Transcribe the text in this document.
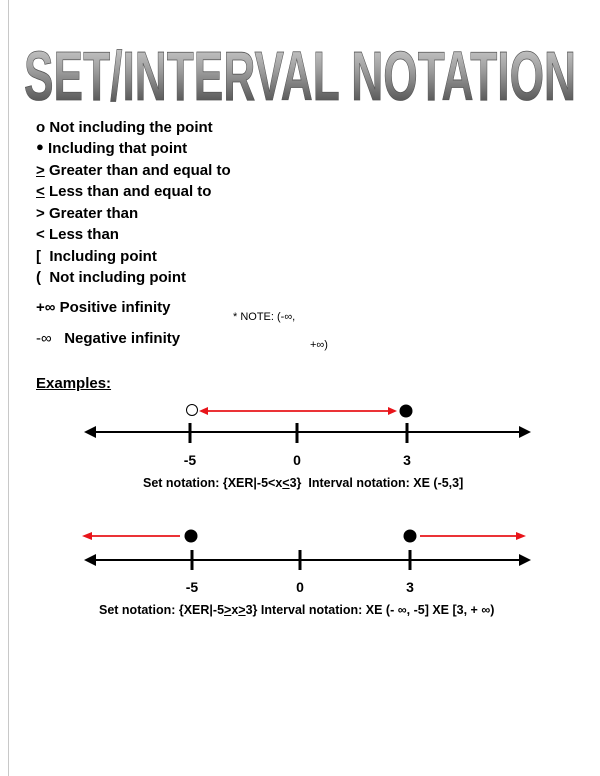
SET/INTERVAL NOTATION
o Not including the point
● Including that point
> Greater than and equal to
< Less than and equal to
> Greater than
< Less than
[ Including point
( Not including point
+∞ Positive infinity
-∞ Negative infinity
* NOTE: (-∞,
+∞)
Examples:
-5	0	3
Set notation: {XER|-5<x<3} Interval notation: XE (-5,3]
-5	0	3
Set notation: {XER|-5>x>3} Interval notation: XE (- ∞, -5] XE [3, + ∞)
